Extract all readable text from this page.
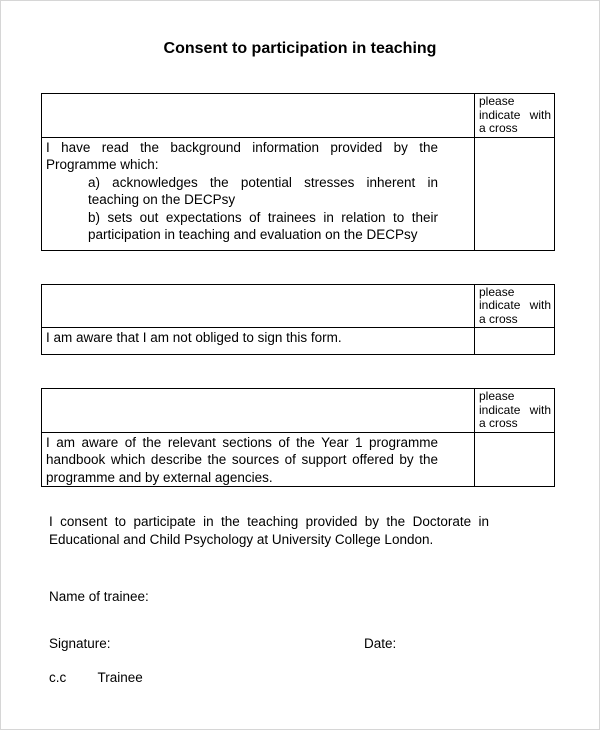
Consent to participation in teaching
	please indicate with a cross

I have read the background information provided by the Programme which:
a) acknowledges the potential stresses inherent in teaching on the DECPsy
b) sets out expectations of trainees in relation to their participation in teaching and evaluation on the DECPsy	

	please indicate with a cross
I am aware that I am not obliged to sign this form.	
	please indicate with a cross
I am aware of the relevant sections of the Year 1 programme handbook which describe the sources of support offered by the programme and by external agencies.	
I consent to participate in the teaching provided by the Doctorate in Educational and Child Psychology at University College London.
Name of trainee:
Signature:	Date:
c.c Trainee
